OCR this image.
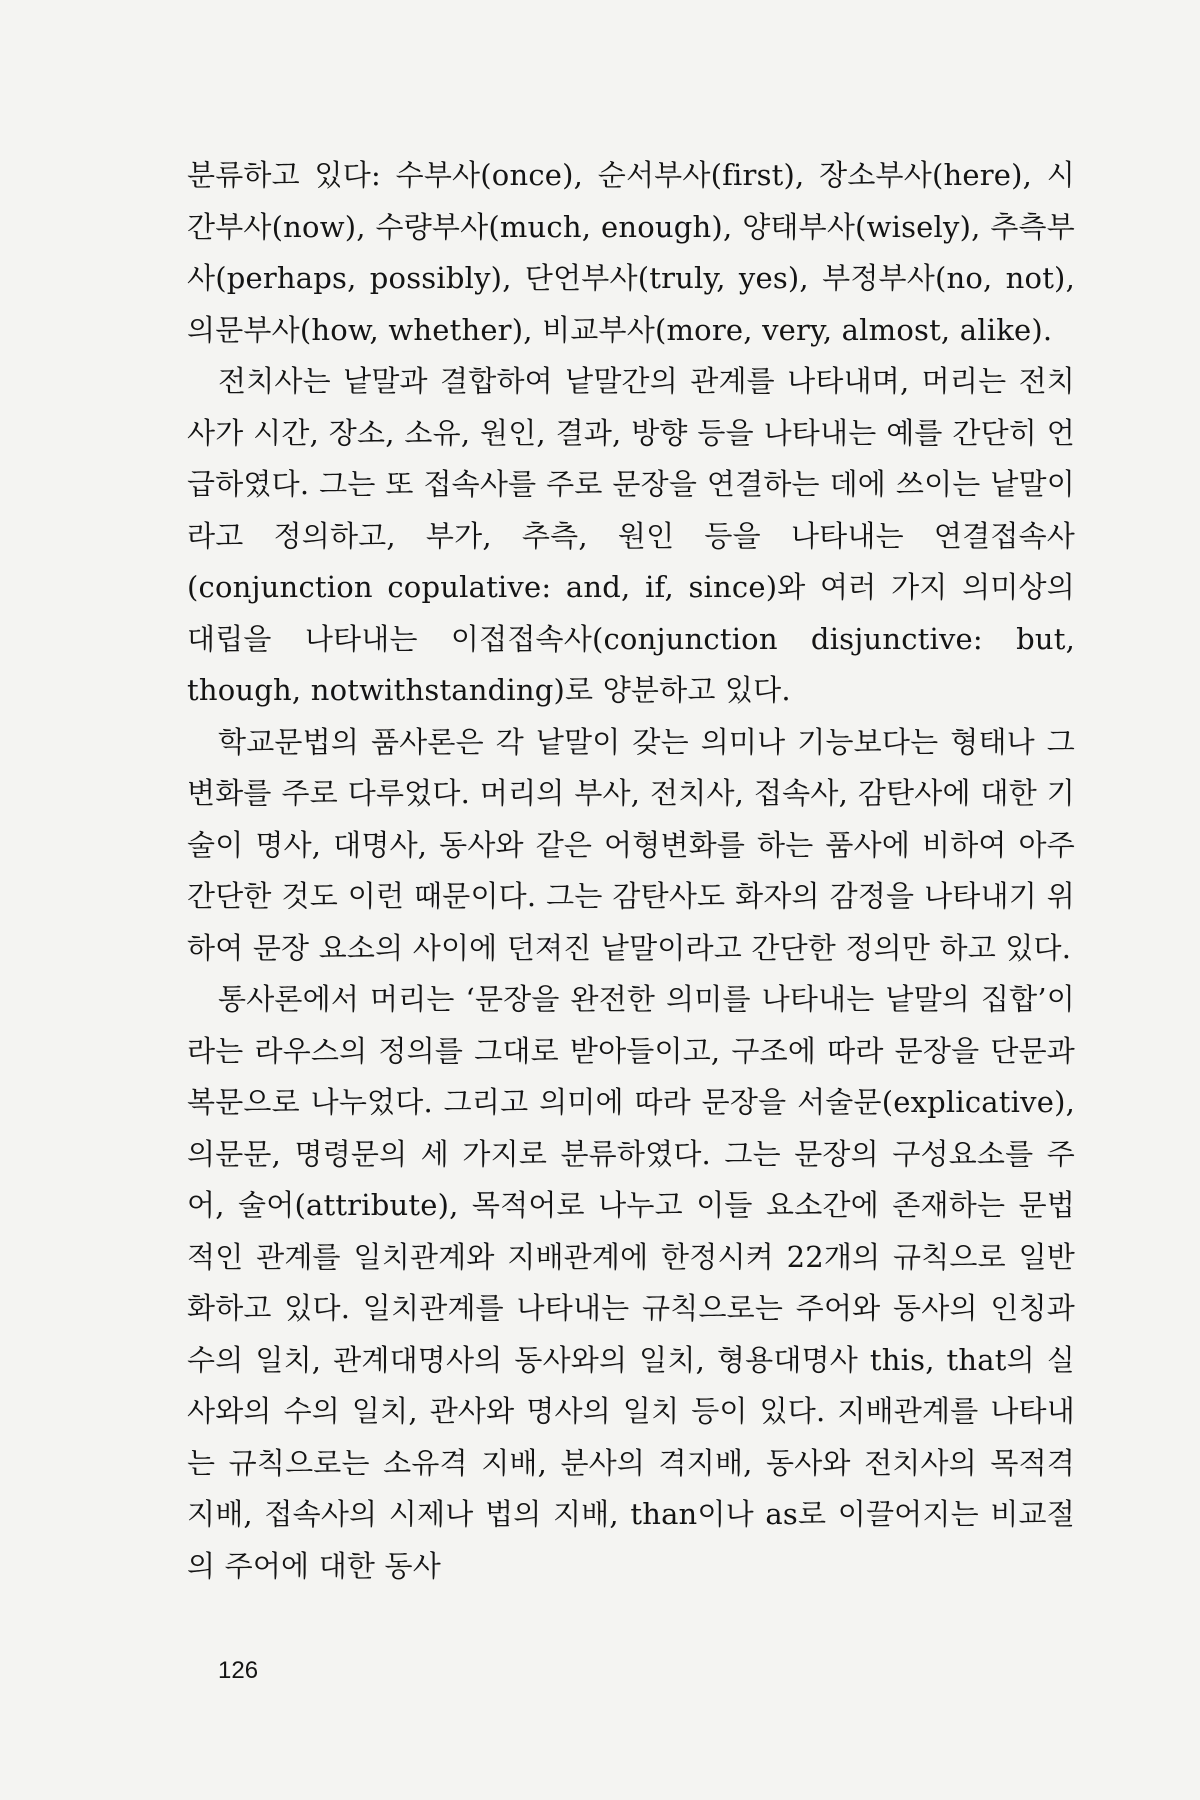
분류하고 있다: 수부사(once), 순서부사(first), 장소부사(here), 시간부사(now), 수량부사(much, enough), 양태부사(wisely), 추측부사(perhaps, possibly), 단언부사(truly, yes), 부정부사(no, not), 의문부사(how, whether), 비교부사(more, very, almost, alike).

전치사는 낱말과 결합하여 낱말간의 관계를 나타내며, 머리는 전치사가 시간, 장소, 소유, 원인, 결과, 방향 등을 나타내는 예를 간단히 언급하였다. 그는 또 접속사를 주로 문장을 연결하는 데에 쓰이는 낱말이라고 정의하고, 부가, 추측, 원인 등을 나타내는 연결접속사(conjunction copulative: and, if, since)와 여러 가지 의미상의 대립을 나타내는 이접접속사(conjunction disjunctive: but, though, notwithstanding)로 양분하고 있다.

학교문법의 품사론은 각 낱말이 갖는 의미나 기능보다는 형태나 그 변화를 주로 다루었다. 머리의 부사, 전치사, 접속사, 감탄사에 대한 기술이 명사, 대명사, 동사와 같은 어형변화를 하는 품사에 비하여 아주 간단한 것도 이런 때문이다. 그는 감탄사도 화자의 감정을 나타내기 위하여 문장 요소의 사이에 던져진 낱말이라고 간단한 정의만 하고 있다.

통사론에서 머리는 ‘문장을 완전한 의미를 나타내는 낱말의 집합’이라는 라우스의 정의를 그대로 받아들이고, 구조에 따라 문장을 단문과 복문으로 나누었다. 그리고 의미에 따라 문장을 서술문(explicative), 의문문, 명령문의 세 가지로 분류하였다. 그는 문장의 구성요소를 주어, 술어(attribute), 목적어로 나누고 이들 요소간에 존재하는 문법적인 관계를 일치관계와 지배관계에 한정시켜 22개의 규칙으로 일반화하고 있다. 일치관계를 나타내는 규칙으로는 주어와 동사의 인칭과 수의 일치, 관계대명사의 동사와의 일치, 형용대명사 this, that의 실사와의 수의 일치, 관사와 명사의 일치 등이 있다. 지배관계를 나타내는 규칙으로는 소유격 지배, 분사의 격지배, 동사와 전치사의 목적격 지배, 접속사의 시제나 법의 지배, than이나 as로 이끌어지는 비교절의 주어에 대한 동사

126
